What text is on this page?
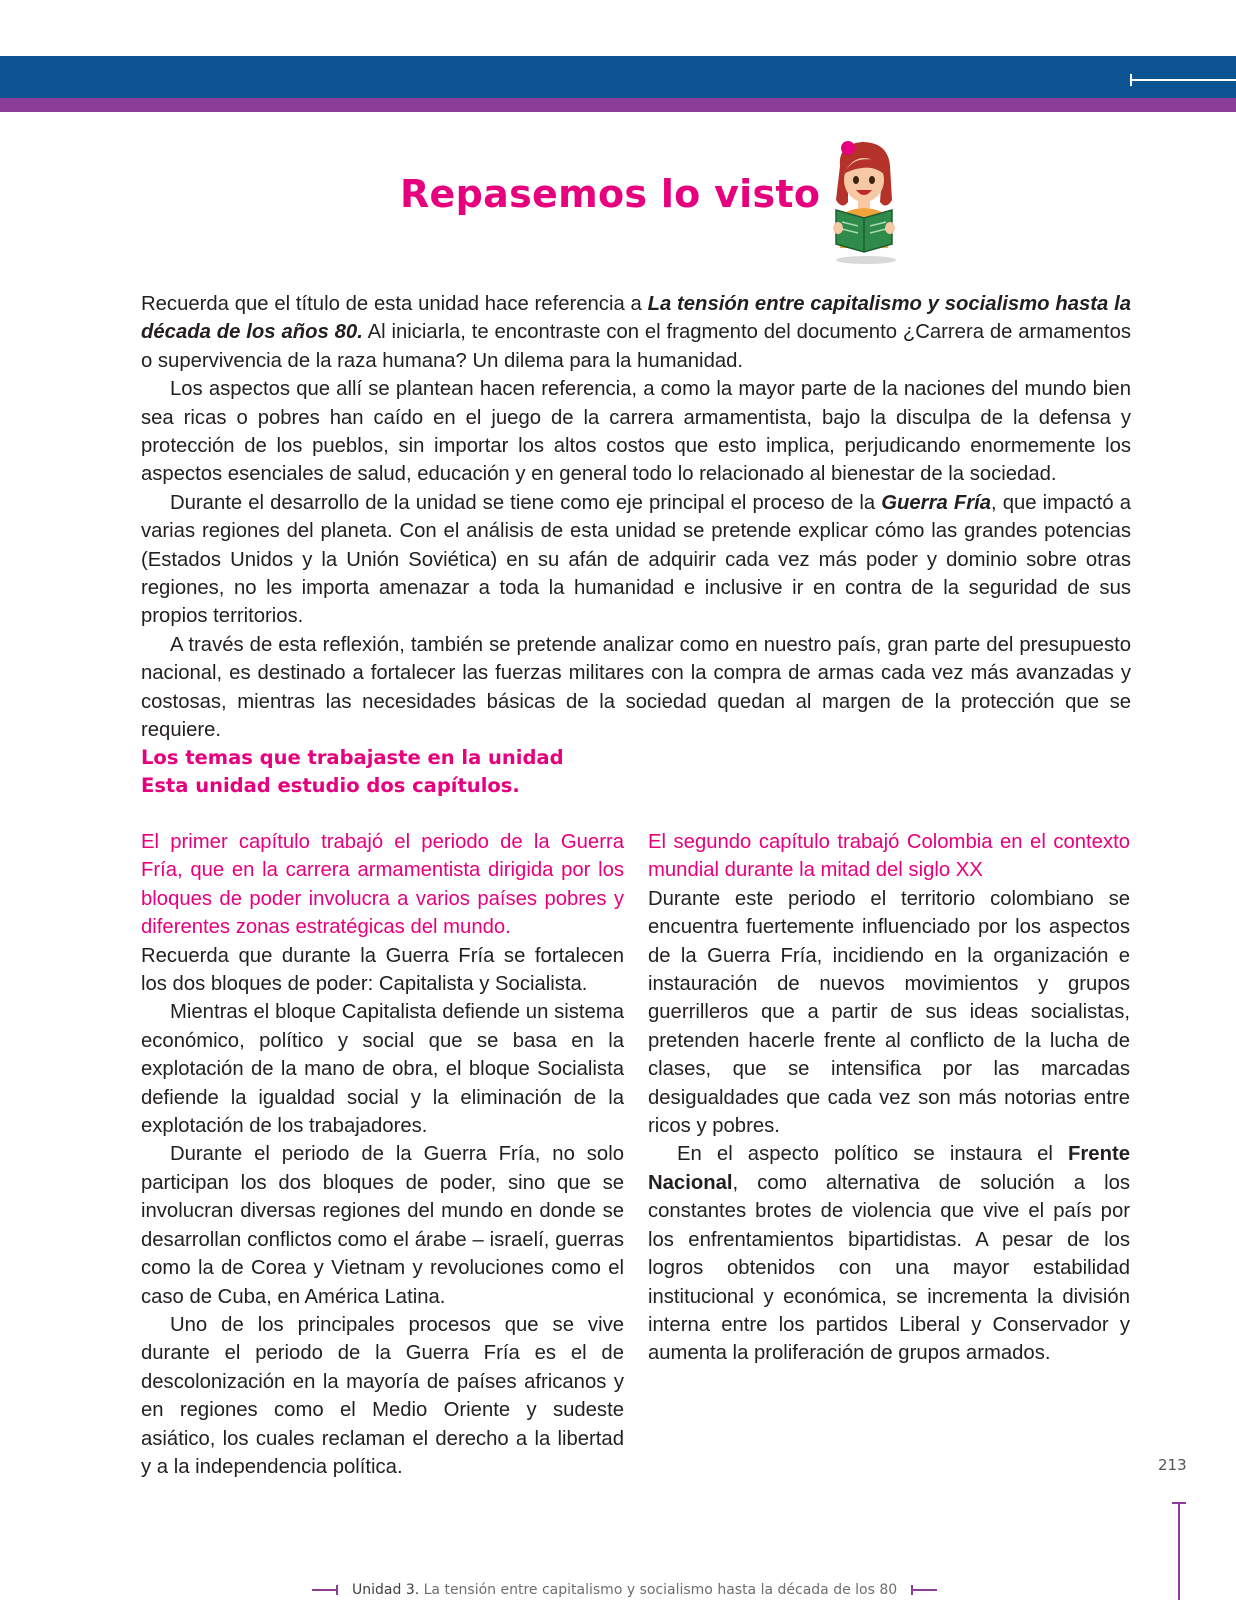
Repasemos lo visto

Recuerda que el título de esta unidad hace referencia a La tensión entre capitalismo y socialismo hasta la década de los años 80. Al iniciarla, te encontraste con el fragmento del documento ¿Carrera de armamentos o supervivencia de la raza humana? Un dilema para la humanidad.

Los aspectos que allí se plantean hacen referencia, a como la mayor parte de la naciones del mundo bien sea ricas o pobres han caído en el juego de la carrera armamentista, bajo la disculpa de la defensa y protección de los pueblos, sin importar los altos costos que esto implica, perjudicando enormemente los aspectos esenciales de salud, educación y en general todo lo relacionado al bienestar de la sociedad.

Durante el desarrollo de la unidad se tiene como eje principal el proceso de la Guerra Fría, que impactó a varias regiones del planeta. Con el análisis de esta unidad se pretende explicar cómo las grandes potencias (Estados Unidos y la Unión Soviética) en su afán de adquirir cada vez más poder y dominio sobre otras regiones, no les importa amenazar a toda la humanidad e inclusive ir en contra de la seguridad de sus propios territorios.

A través de esta reflexión, también se pretende analizar como en nuestro país, gran parte del presupuesto nacional, es destinado a fortalecer las fuerzas militares con la compra de armas cada vez más avanzadas y costosas, mientras las necesidades básicas de la sociedad quedan al margen de la protección que se requiere.

Los temas que trabajaste en la unidad
Esta unidad estudio dos capítulos.

El primer capítulo trabajó el periodo de la Guerra Fría, que en la carrera armamentista dirigida por los bloques de poder involucra a varios países pobres y diferentes zonas estratégicas del mundo.

Recuerda que durante la Guerra Fría se fortalecen los dos bloques de poder: Capitalista y Socialista.

Mientras el bloque Capitalista defiende un sistema económico, político y social que se basa en la explotación de la mano de obra, el bloque Socialista defiende la igualdad social y la eliminación de la explotación de los trabajadores.

Durante el periodo de la Guerra Fría, no solo participan los dos bloques de poder, sino que se involucran diversas regiones del mundo en donde se desarrollan conflictos como el árabe – israelí, guerras como la de Corea y Vietnam y revoluciones como el caso de Cuba, en América Latina.

Uno de los principales procesos que se vive durante el periodo de la Guerra Fría es el de descolonización en la mayoría de países africanos y en regiones como el Medio Oriente y sudeste asiático, los cuales reclaman el derecho a la libertad y a la independencia política.

El segundo capítulo trabajó Colombia en el contexto mundial durante la mitad del siglo XX

Durante este periodo el territorio colombiano se encuentra fuertemente influenciado por los aspectos de la Guerra Fría, incidiendo en la organización e instauración de nuevos movimientos y grupos guerrilleros que a partir de sus ideas socialistas, pretenden hacerle frente al conflicto de la lucha de clases, que se intensifica por las marcadas desigualdades que cada vez son más notorias entre ricos y pobres.

En el aspecto político se instaura el Frente Nacional, como alternativa de solución a los constantes brotes de violencia que vive el país por los enfrentamientos bipartidistas. A pesar de los logros obtenidos con una mayor estabilidad institucional y económica, se incrementa la división interna entre los partidos Liberal y Conservador y aumenta la proliferación de grupos armados.

213
Unidad 3. La tensión entre capitalismo y socialismo hasta la década de los 80
